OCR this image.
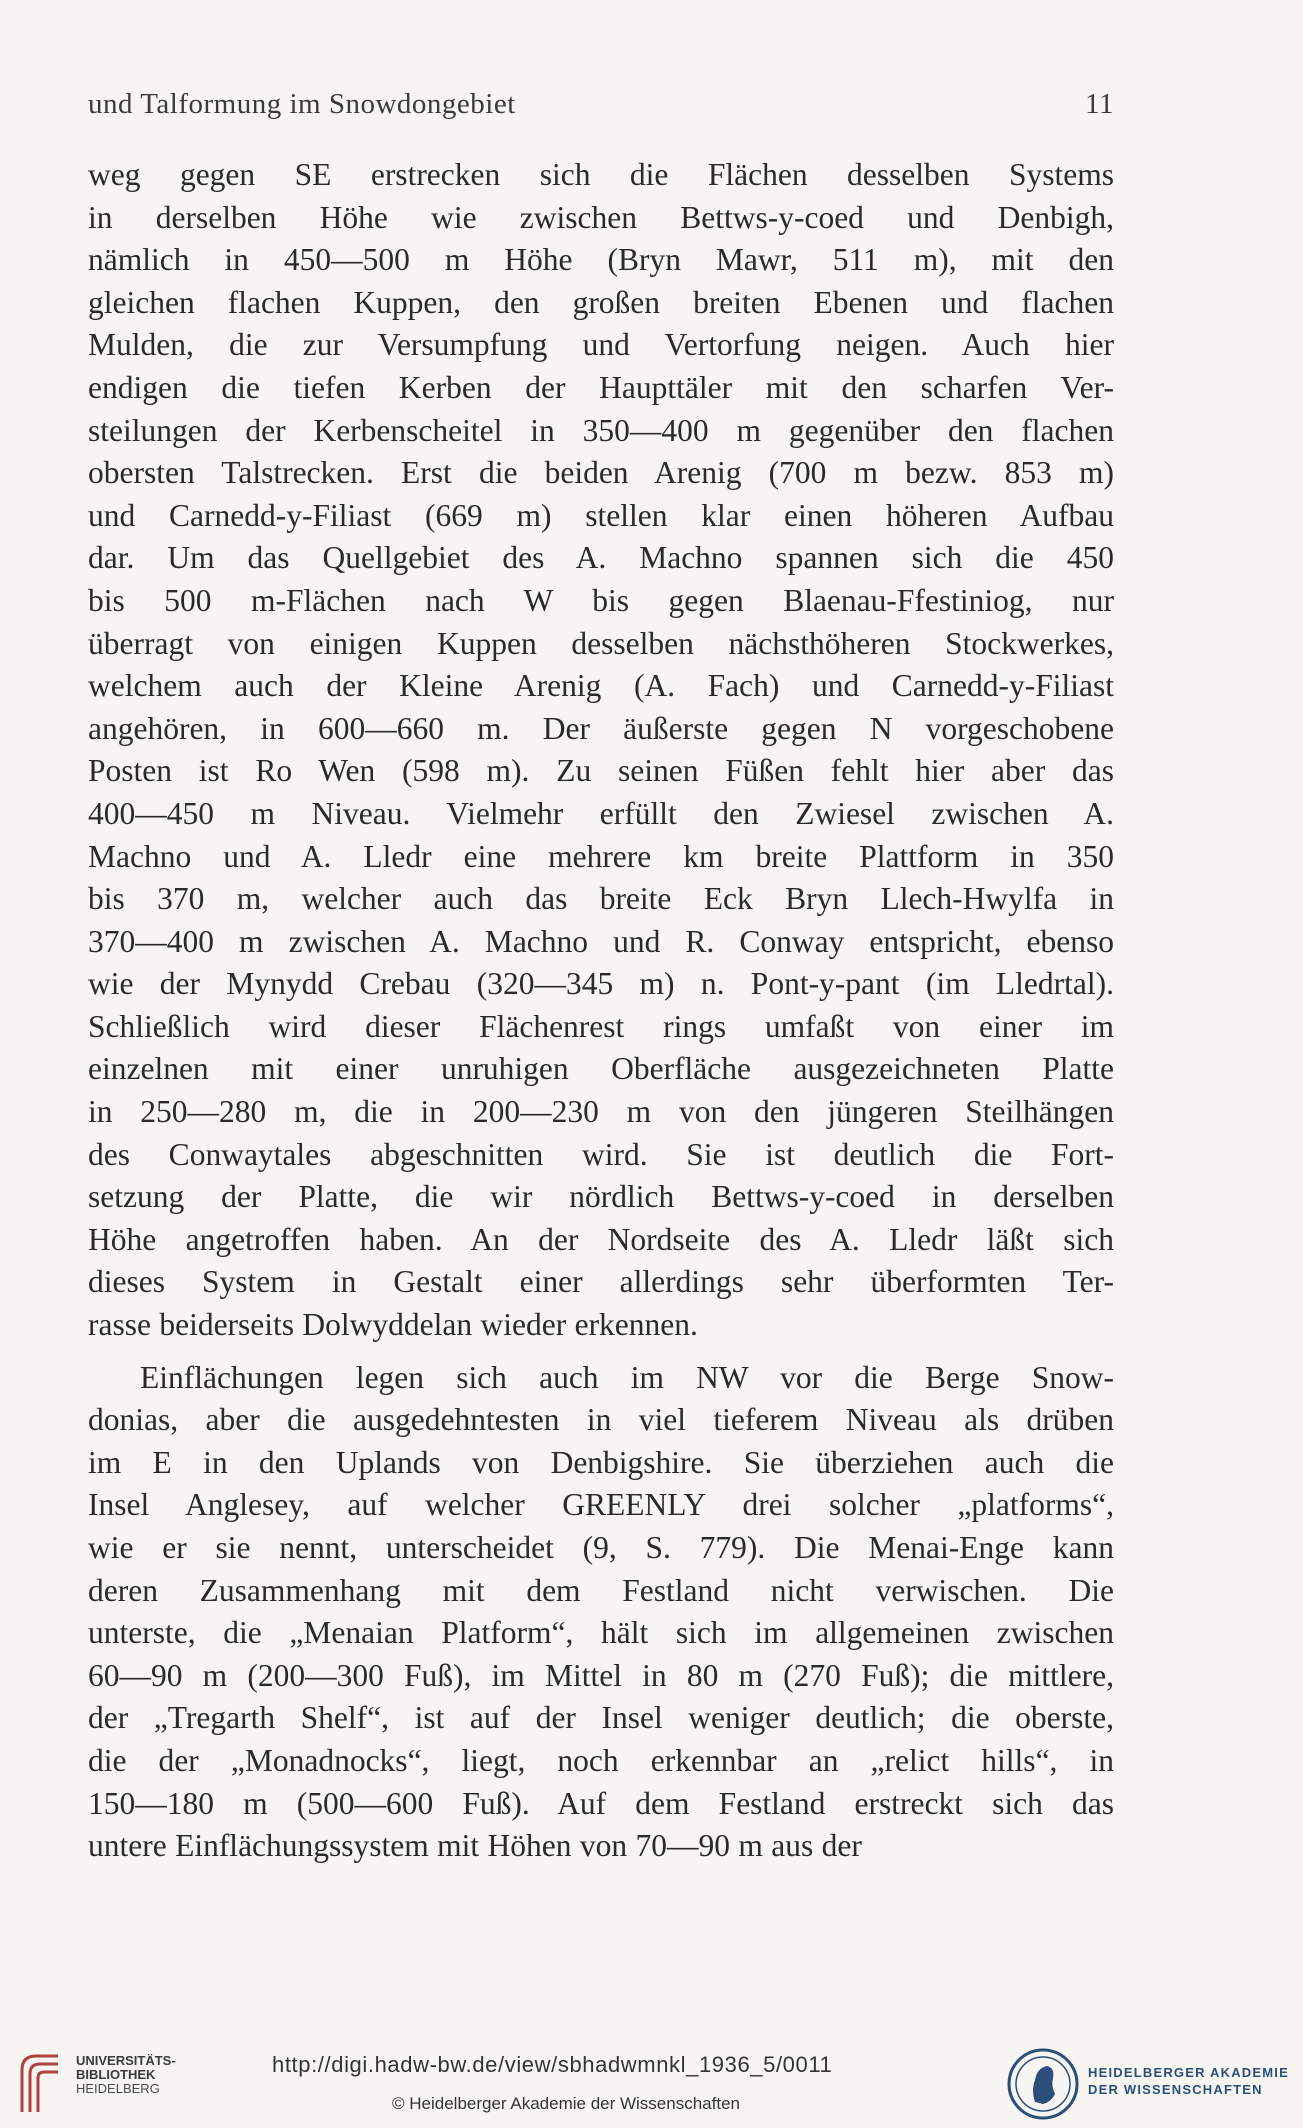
und Talformung im Snowdongebiet	11
weg gegen SE erstrecken sich die Flächen desselben Systems
in derselben Höhe wie zwischen Bettws-y-coed und Denbigh,
nämlich in 450—500 m Höhe (Bryn Mawr, 511 m), mit den
gleichen flachen Kuppen, den großen breiten Ebenen und flachen
Mulden, die zur Versumpfung und Vertorfung neigen. Auch hier
endigen die tiefen Kerben der Haupttäler mit den scharfen Ver-
steilungen der Kerbenscheitel in 350—400 m gegenüber den flachen
obersten Talstrecken. Erst die beiden Arenig (700 m bezw. 853 m)
und Carnedd-y-Filiast (669 m) stellen klar einen höheren Aufbau
dar. Um das Quellgebiet des A. Machno spannen sich die 450
bis 500 m-Flächen nach W bis gegen Blaenau-Ffestiniog, nur
überragt von einigen Kuppen desselben nächsthöheren Stockwerkes,
welchem auch der Kleine Arenig (A. Fach) und Carnedd-y-Filiast
angehören, in 600—660 m. Der äußerste gegen N vorgeschobene
Posten ist Ro Wen (598 m). Zu seinen Füßen fehlt hier aber das
400—450 m Niveau. Vielmehr erfüllt den Zwiesel zwischen A.
Machno und A. Lledr eine mehrere km breite Plattform in 350
bis 370 m, welcher auch das breite Eck Bryn Llech-Hwylfa in
370—400 m zwischen A. Machno und R. Conway entspricht, ebenso
wie der Mynydd Crebau (320—345 m) n. Pont-y-pant (im Lledrtal).
Schließlich wird dieser Flächenrest rings umfaßt von einer im
einzelnen mit einer unruhigen Oberfläche ausgezeichneten Platte
in 250—280 m, die in 200—230 m von den jüngeren Steilhängen
des Conwaytales abgeschnitten wird. Sie ist deutlich die Fort-
setzung der Platte, die wir nördlich Bettws-y-coed in derselben
Höhe angetroffen haben. An der Nordseite des A. Lledr läßt sich
dieses System in Gestalt einer allerdings sehr überformten Ter-
rasse beiderseits Dolwyddelan wieder erkennen.
Einflächungen legen sich auch im NW vor die Berge Snow-
donias, aber die ausgedehntesten in viel tieferem Niveau als drüben
im E in den Uplands von Denbigshire. Sie überziehen auch die
Insel Anglesey, auf welcher GREENLY drei solcher „platforms“,
wie er sie nennt, unterscheidet (9, S. 779). Die Menai-Enge kann
deren Zusammenhang mit dem Festland nicht verwischen. Die
unterste, die „Menaian Platform“, hält sich im allgemeinen zwischen
60—90 m (200—300 Fuß), im Mittel in 80 m (270 Fuß); die mittlere,
der „Tregarth Shelf“, ist auf der Insel weniger deutlich; die oberste,
die der „Monadnocks“, liegt, noch erkennbar an „relict hills“, in
150—180 m (500—600 Fuß). Auf dem Festland erstreckt sich das
untere Einflächungssystem mit Höhen von 70—90 m aus der
UNIVERSITÄTS-
BIBLIOTHEK
HEIDELBERG
http://digi.hadw-bw.de/view/sbhadwmnkl_1936_5/0011
© Heidelberger Akademie der Wissenschaften
HEIDELBERGER AKADEMIE
DER WISSENSCHAFTEN
